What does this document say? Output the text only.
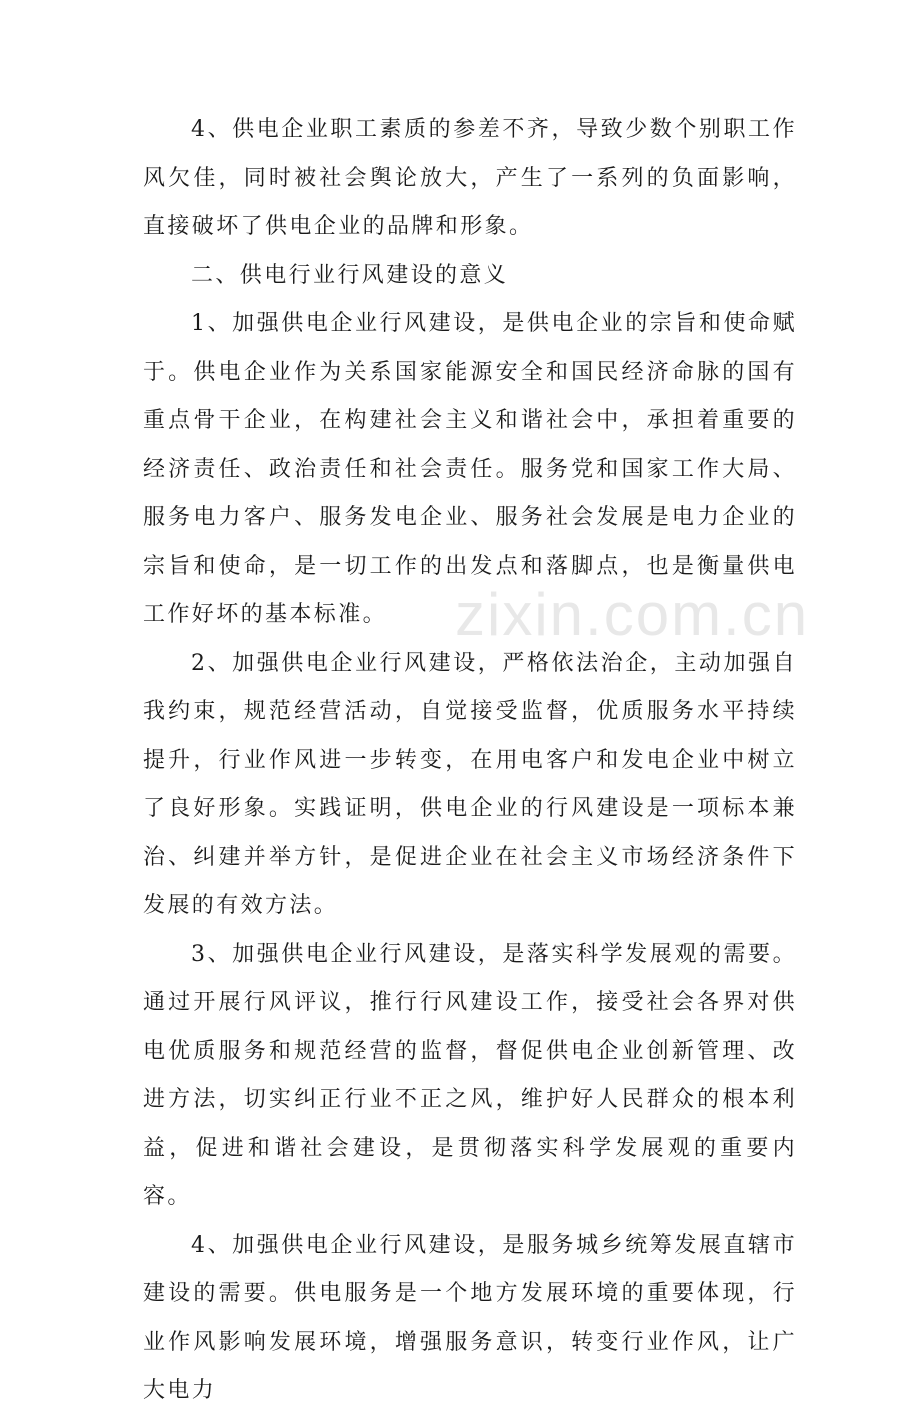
zixin.com.cn

4、供电企业职工素质的参差不齐，导致少数个别职工作风欠佳，同时被社会舆论放大，产生了一系列的负面影响，直接破坏了供电企业的品牌和形象。

二、供电行业行风建设的意义

1、加强供电企业行风建设，是供电企业的宗旨和使命赋于。供电企业作为关系国家能源安全和国民经济命脉的国有重点骨干企业，在构建社会主义和谐社会中，承担着重要的经济责任、政治责任和社会责任。服务党和国家工作大局、服务电力客户、服务发电企业、服务社会发展是电力企业的宗旨和使命，是一切工作的出发点和落脚点，也是衡量供电工作好坏的基本标准。

2、加强供电企业行风建设，严格依法治企，主动加强自我约束，规范经营活动，自觉接受监督，优质服务水平持续提升，行业作风进一步转变，在用电客户和发电企业中树立了良好形象。实践证明，供电企业的行风建设是一项标本兼治、纠建并举方针，是促进企业在社会主义市场经济条件下发展的有效方法。

3、加强供电企业行风建设，是落实科学发展观的需要。通过开展行风评议，推行行风建设工作，接受社会各界对供电优质服务和规范经营的监督，督促供电企业创新管理、改进方法，切实纠正行业不正之风，维护好人民群众的根本利益，促进和谐社会建设，是贯彻落实科学发展观的重要内容。

4、加强供电企业行风建设，是服务城乡统筹发展直辖市建设的需要。供电服务是一个地方发展环境的重要体现，行业作风影响发展环境，增强服务意识，转变行业作风，让广大电力
